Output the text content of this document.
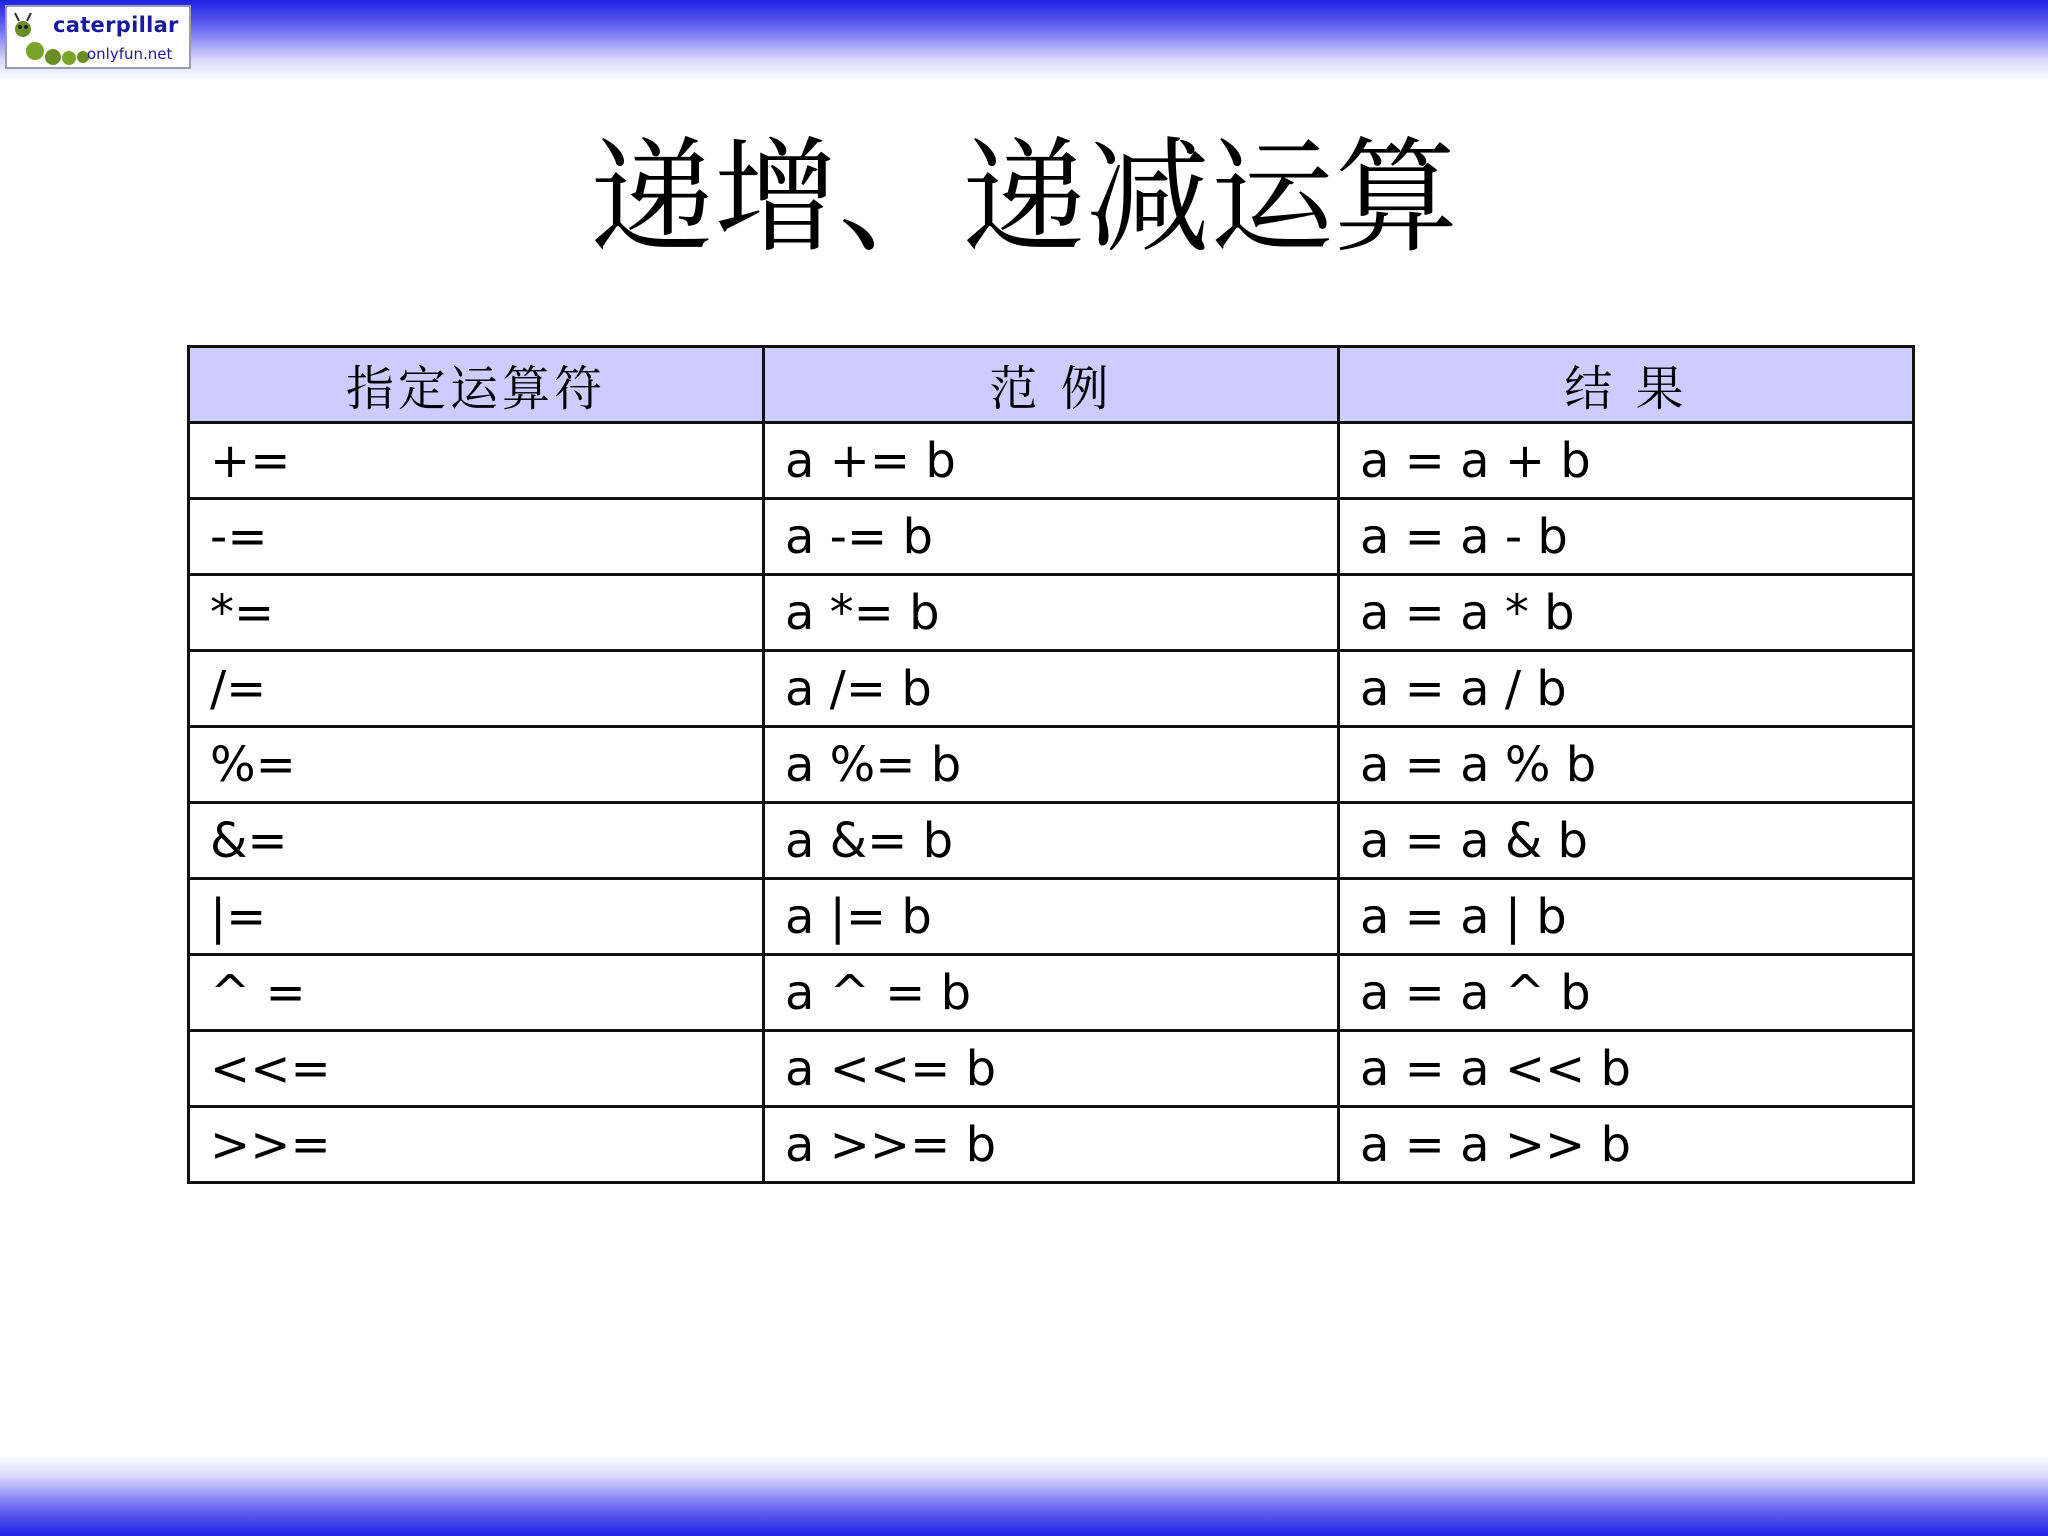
caterpillar
onlyfun.net
递增、递减运算
指定运算符	范 例	结 果
+=	a += b	a = a + b
-=	a -= b	a = a - b
*=	a *= b	a = a * b
/=	a /= b	a = a / b
%=	a %= b	a = a % b
&=	a &= b	a = a & b
|=	a |= b	a = a | b
^ =	a ^ = b	a = a ^ b
<<=	a <<= b	a = a << b
>>=	a >>= b	a = a >> b
